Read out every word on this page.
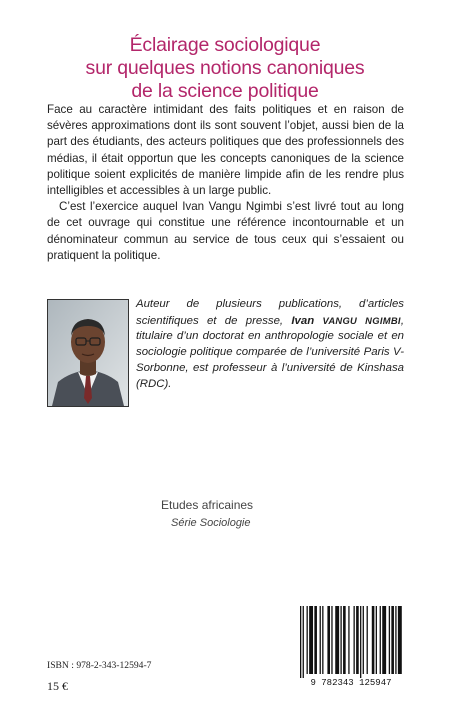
Éclairage sociologique
sur quelques notions canoniques
de la science politique

Face au caractère intimidant des faits politiques et en raison de sévères approximations dont ils sont souvent l’objet, aussi bien de la part des étudiants, des acteurs politiques que des professionnels des médias, il était opportun que les concepts canoniques de la science politique soient explicités de manière limpide afin de les rendre plus intelligibles et accessibles à un large public.

C’est l’exercice auquel Ivan Vangu Ngimbi s’est livré tout au long de cet ouvrage qui constitue une référence incontournable et un dénominateur commun au service de tous ceux qui s’essaient ou pratiquent la politique.

Auteur de plusieurs publications, d’articles scientifiques et de presse, Ivan VANGU NGIMBI, titulaire d’un doctorat en anthropologie sociale et en sociologie politique comparée de l’université Paris V-Sorbonne, est professeur à l’université de Kinshasa (RDC).
Etudes africaines
Série Sociologie
ISBN : 978-2-343-12594-7
15 €	9 782343 125947
